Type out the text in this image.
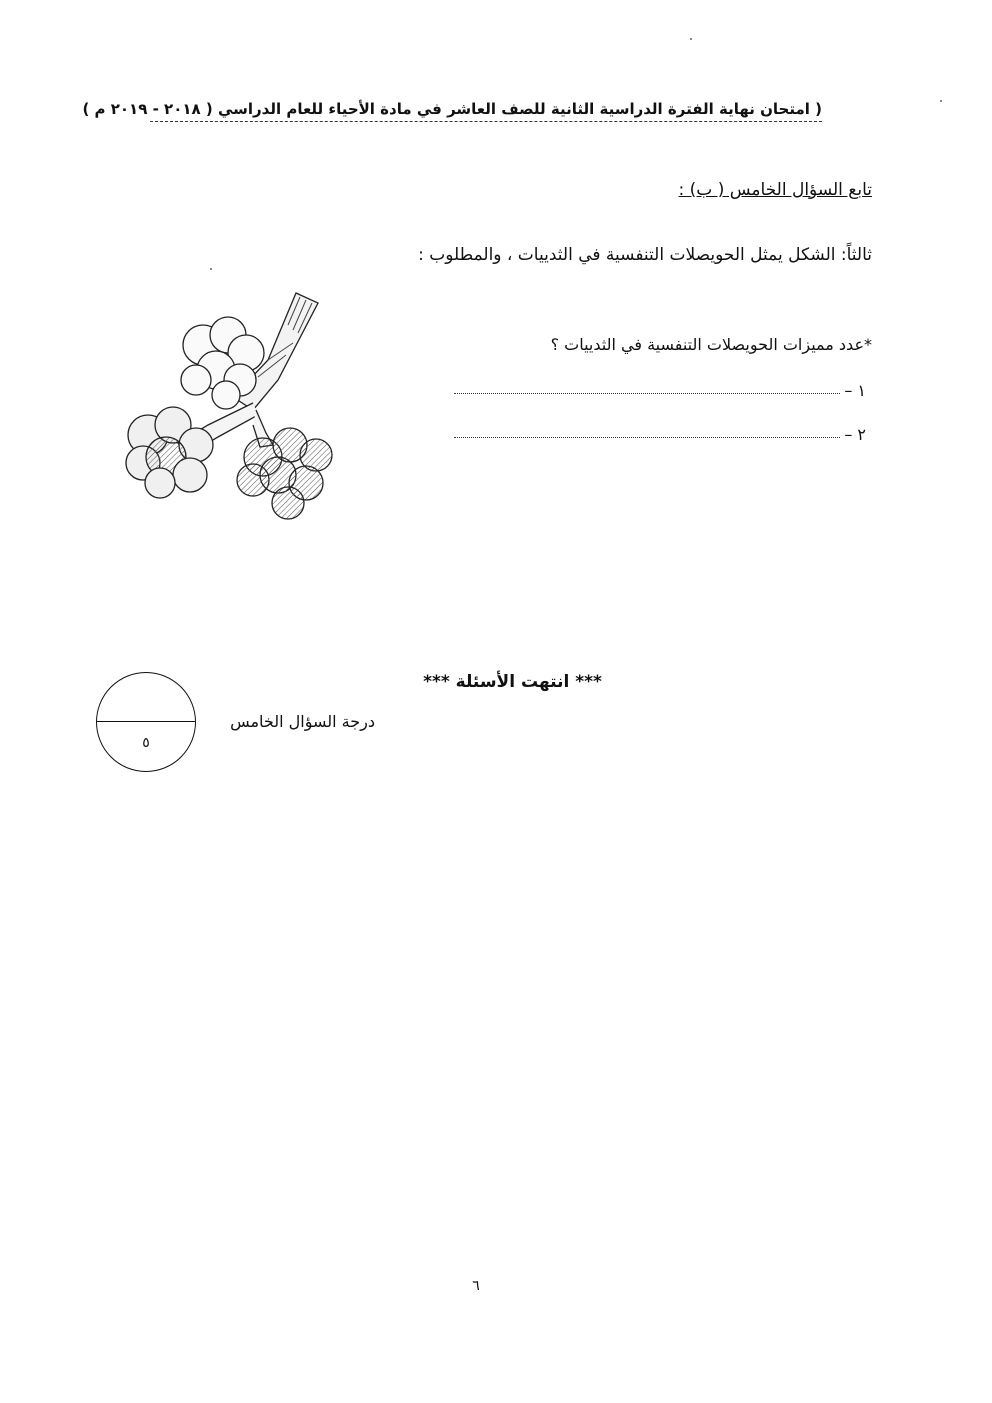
( امتحان نهاية الفترة الدراسية الثانية للصف العاشر في مادة الأحياء للعام الدراسي ( ٢٠١٨ - ٢٠١٩ م )
تابع السؤال الخامس ( ب) :
ثالثاً: الشكل يمثل الحويصلات التنفسية في الثدييات ، والمطلوب :
*عدد مميزات الحويصلات التنفسية في الثدييات ؟
١ –
٢ –
*** انتهت الأسئلة ***
درجة السؤال الخامس
٥
٦
